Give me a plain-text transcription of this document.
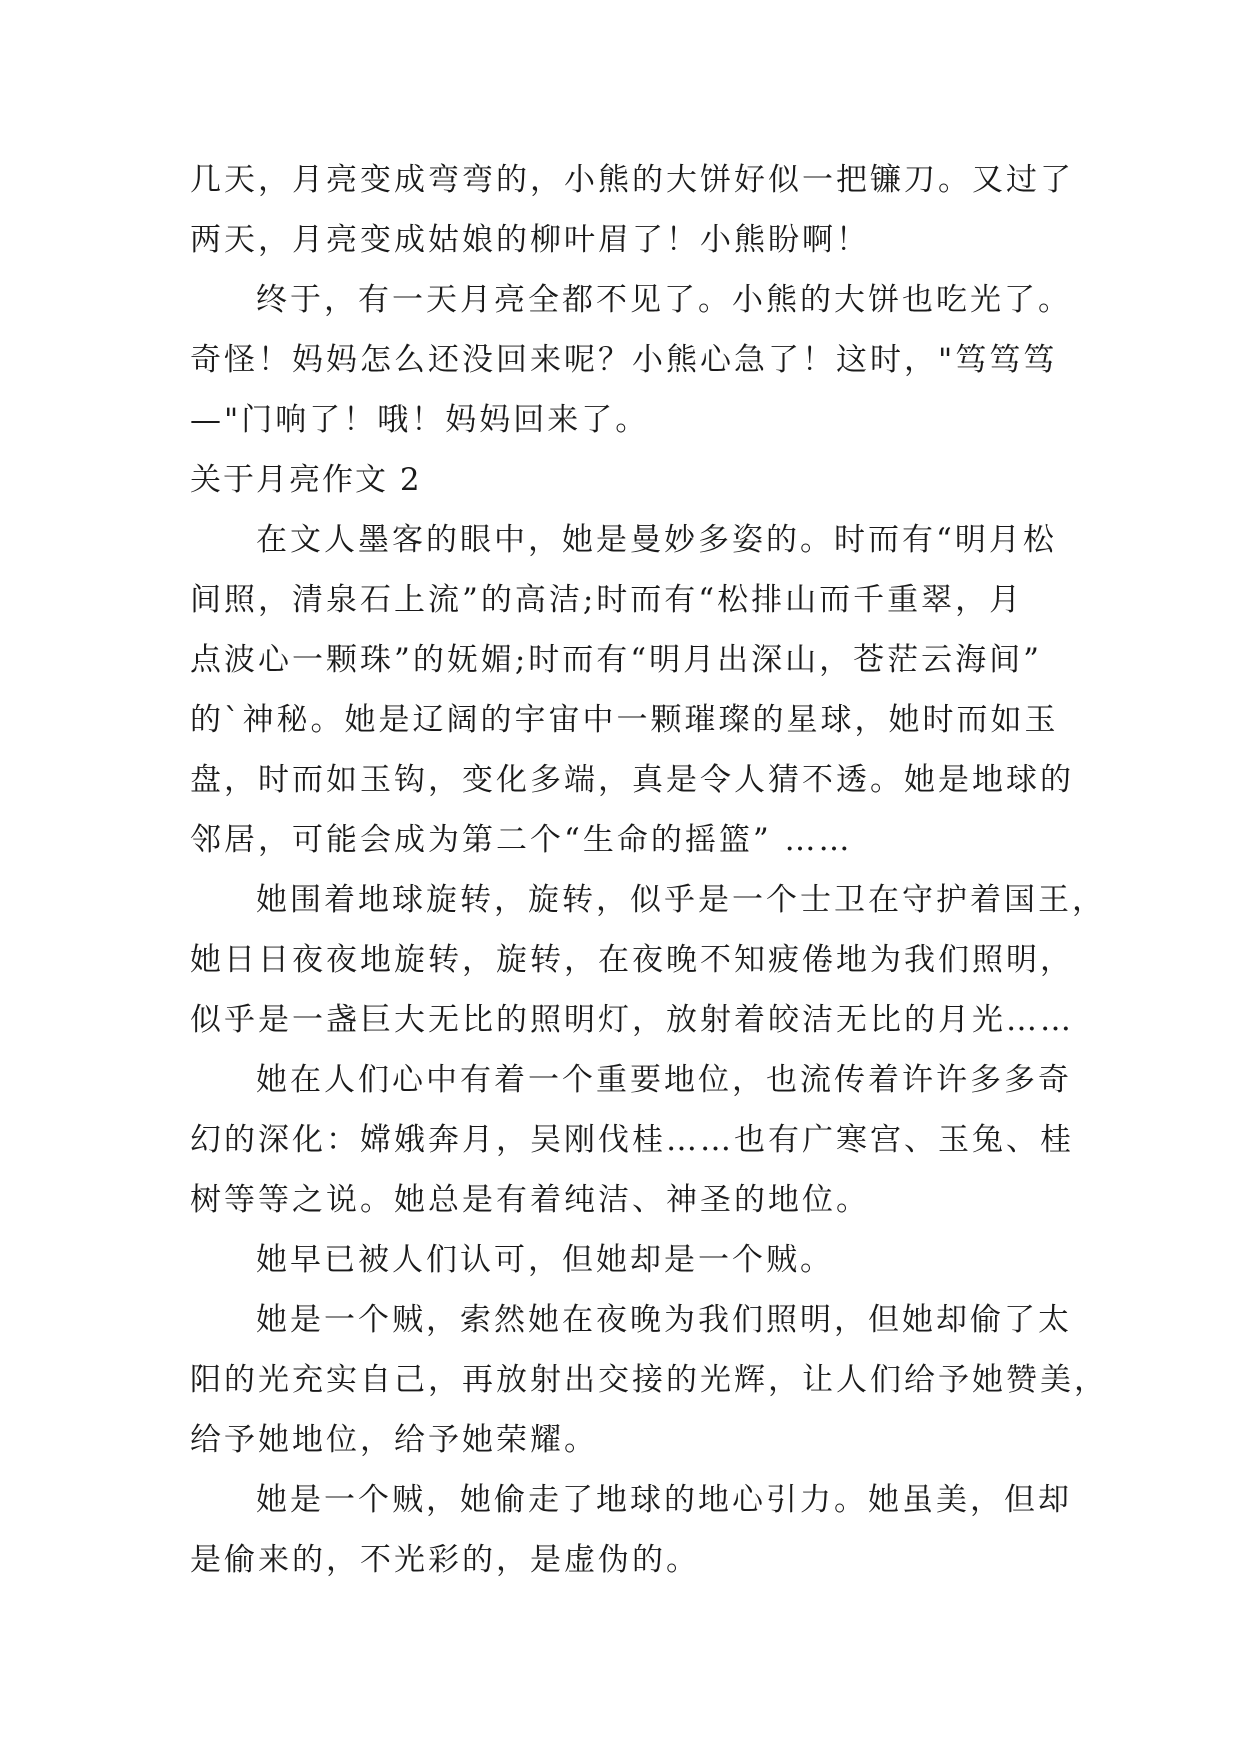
几天，月亮变成弯弯的，小熊的大饼好似一把镰刀。又过了

两天，月亮变成姑娘的柳叶眉了！小熊盼啊！

终于，有一天月亮全都不见了。小熊的大饼也吃光了。

奇怪！妈妈怎么还没回来呢？小熊心急了！这时，"笃笃笃

—"门响了！哦！妈妈回来了。

关于月亮作文 2

在文人墨客的眼中，她是曼妙多姿的。时而有“明月松

间照，清泉石上流”的高洁;时而有“松排山而千重翠，月

点波心一颗珠”的妩媚;时而有“明月出深山，苍茫云海间”

的`神秘。她是辽阔的宇宙中一颗璀璨的星球，她时而如玉

盘，时而如玉钩，变化多端，真是令人猜不透。她是地球的

邻居，可能会成为第二个“生命的摇篮” ……

她围着地球旋转，旋转，似乎是一个士卫在守护着国王，

她日日夜夜地旋转，旋转，在夜晚不知疲倦地为我们照明，

似乎是一盏巨大无比的照明灯，放射着皎洁无比的月光……

她在人们心中有着一个重要地位，也流传着许许多多奇

幻的深化：嫦娥奔月，吴刚伐桂……也有广寒宫、玉兔、桂

树等等之说。她总是有着纯洁、神圣的地位。

她早已被人们认可，但她却是一个贼。

她是一个贼，索然她在夜晚为我们照明，但她却偷了太

阳的光充实自己，再放射出交接的光辉，让人们给予她赞美，

给予她地位，给予她荣耀。

她是一个贼，她偷走了地球的地心引力。她虽美，但却

是偷来的，不光彩的，是虚伪的。
